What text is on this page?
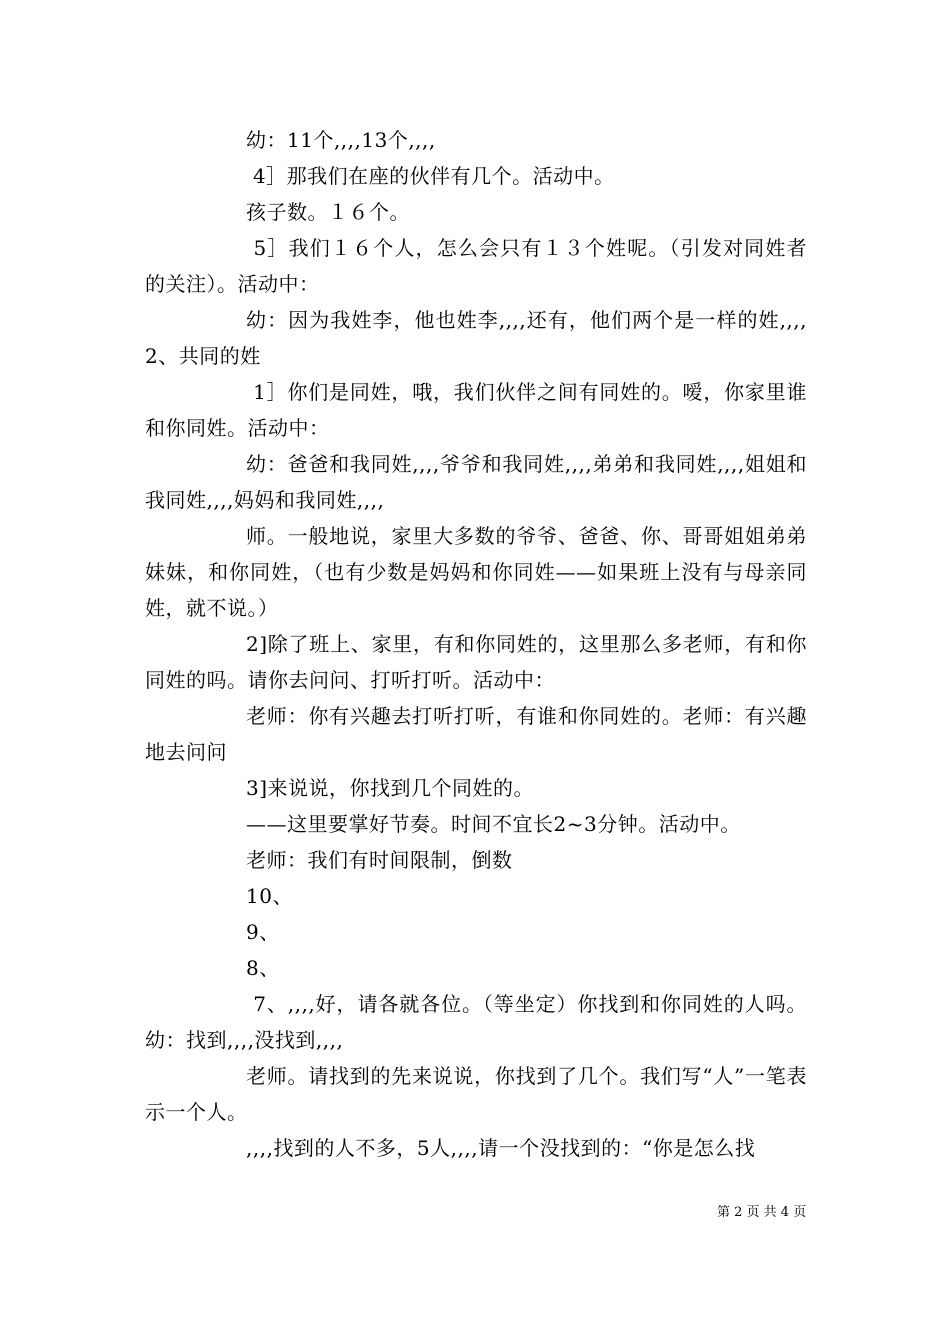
幼：11个,,,,13个,,,,

4］那我们在座的伙伴有几个。活动中。

孩子数。１６个。

5］我们１６个人，怎么会只有１３个姓呢。（引发对同姓者的关注）。活动中：

幼：因为我姓李，他也姓李,,,,还有，他们两个是一样的姓,,,, 2、共同的姓

1］你们是同姓，哦，我们伙伴之间有同姓的。嗳，你家里谁和你同姓。活动中：

幼：爸爸和我同姓,,,,爷爷和我同姓,,,,弟弟和我同姓,,,,姐姐和我同姓,,,,妈妈和我同姓,,,,

师。一般地说，家里大多数的爷爷、爸爸、你、哥哥姐姐弟弟妹妹，和你同姓，（也有少数是妈妈和你同姓——如果班上没有与母亲同姓，就不说。）

2]除了班上、家里，有和你同姓的，这里那么多老师，有和你同姓的吗。请你去问问、打听打听。活动中：

老师：你有兴趣去打听打听，有谁和你同姓的。老师：有兴趣地去问问

3]来说说，你找到几个同姓的。

——这里要掌好节奏。时间不宜长2~3分钟。活动中。

老师：我们有时间限制，倒数

10、

9、

8、

7、,,,,好，请各就各位。（等坐定）你找到和你同姓的人吗。幼：找到,,,,没找到,,,,

老师。请找到的先来说说，你找到了几个。我们写“人”一笔表示一个人。

,,,,找到的人不多，5人,,,,请一个没找到的：“你是怎么找

第 2 页 共 4 页
